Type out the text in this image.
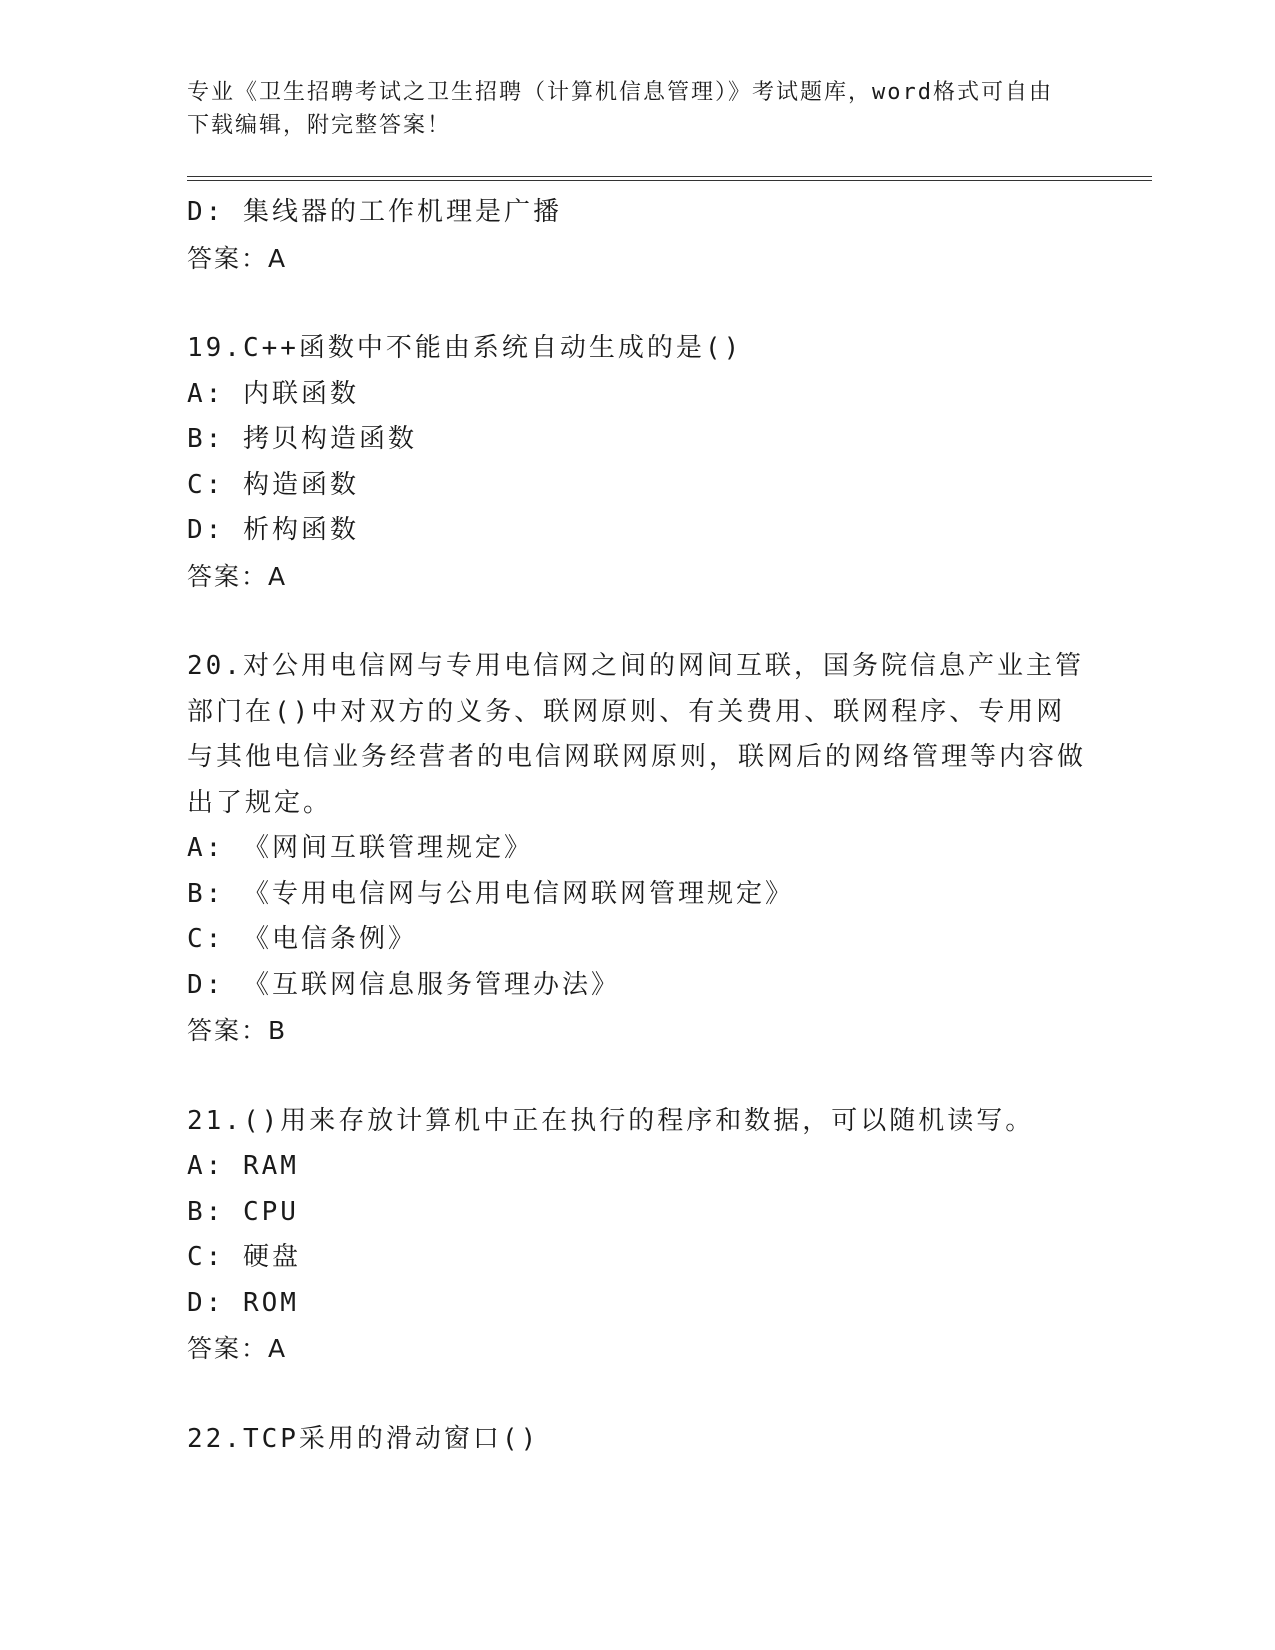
专业《卫生招聘考试之卫生招聘（计算机信息管理）》考试题库，word格式可自由下载编辑，附完整答案！
D: 集线器的工作机理是广播
答案：A
19.C++函数中不能由系统自动生成的是()
A: 内联函数
B: 拷贝构造函数
C: 构造函数
D: 析构函数
答案：A
20.对公用电信网与专用电信网之间的网间互联，国务院信息产业主管部门在()中对双方的义务、联网原则、有关费用、联网程序、专用网与其他电信业务经营者的电信网联网原则，联网后的网络管理等内容做出了规定。
A: 《网间互联管理规定》
B: 《专用电信网与公用电信网联网管理规定》
C: 《电信条例》
D: 《互联网信息服务管理办法》
答案：B
21.()用来存放计算机中正在执行的程序和数据，可以随机读写。
A: RAM
B: CPU
C: 硬盘
D: ROM
答案：A
22.TCP采用的滑动窗口()
